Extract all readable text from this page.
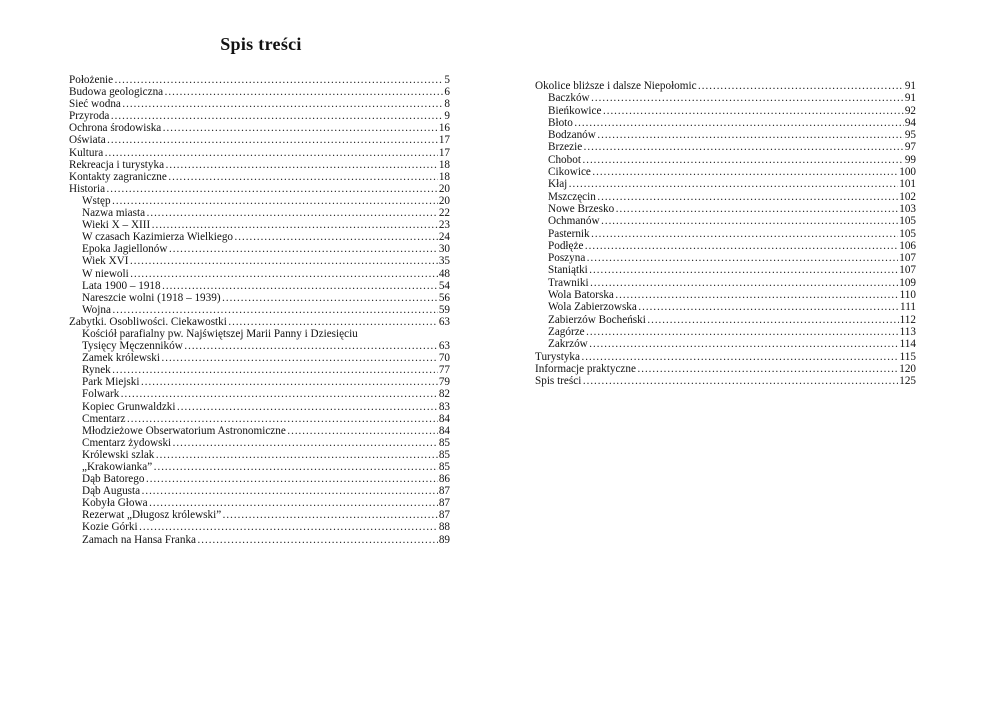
Spis treści
Położenie …………………………………………………………………………………………………………………………………………………………………………………………	5
Budowa geologiczna …………………………………………………………………………………………………………………………………………………………………………………………	6
Sieć wodna …………………………………………………………………………………………………………………………………………………………………………………………	8
Przyroda …………………………………………………………………………………………………………………………………………………………………………………………	9
Ochrona środowiska …………………………………………………………………………………………………………………………………………………………………………………………	16
Oświata …………………………………………………………………………………………………………………………………………………………………………………………	17
Kultura …………………………………………………………………………………………………………………………………………………………………………………………	17
Rekreacja i turystyka …………………………………………………………………………………………………………………………………………………………………………………………	18
Kontakty zagraniczne …………………………………………………………………………………………………………………………………………………………………………………………	18
Historia …………………………………………………………………………………………………………………………………………………………………………………………	20
Wstęp …………………………………………………………………………………………………………………………………………………………………………………………	20
Nazwa miasta …………………………………………………………………………………………………………………………………………………………………………………………	22
Wieki X – XIII …………………………………………………………………………………………………………………………………………………………………………………………	23
W czasach Kazimierza Wielkiego …………………………………………………………………………………………………………………………………………………………………………………………	24
Epoka Jagiellonów …………………………………………………………………………………………………………………………………………………………………………………………	30
Wiek XVI …………………………………………………………………………………………………………………………………………………………………………………………	35
W niewoli …………………………………………………………………………………………………………………………………………………………………………………………	48
Lata 1900 – 1918 …………………………………………………………………………………………………………………………………………………………………………………………	54
Nareszcie wolni (1918 – 1939) …………………………………………………………………………………………………………………………………………………………………………………………	56
Wojna …………………………………………………………………………………………………………………………………………………………………………………………	59
Zabytki. Osobliwości. Ciekawostki …………………………………………………………………………………………………………………………………………………………………………………………	63
Kościół parafialny pw. Najświętszej Marii Panny i Dziesięciu
Tysięcy Męczenników …………………………………………………………………………………………………………………………………………………………………………………………	63
Zamek królewski …………………………………………………………………………………………………………………………………………………………………………………………	70
Rynek …………………………………………………………………………………………………………………………………………………………………………………………	77
Park Miejski …………………………………………………………………………………………………………………………………………………………………………………………	79
Folwark …………………………………………………………………………………………………………………………………………………………………………………………	82
Kopiec Grunwaldzki …………………………………………………………………………………………………………………………………………………………………………………………	83
Cmentarz …………………………………………………………………………………………………………………………………………………………………………………………	84
Młodzieżowe Obserwatorium Astronomiczne …………………………………………………………………………………………………………………………………………………………………………………………	84
Cmentarz żydowski …………………………………………………………………………………………………………………………………………………………………………………………	85
Królewski szlak …………………………………………………………………………………………………………………………………………………………………………………………	85
„Krakowianka” …………………………………………………………………………………………………………………………………………………………………………………………	85
Dąb Batorego …………………………………………………………………………………………………………………………………………………………………………………………	86
Dąb Augusta …………………………………………………………………………………………………………………………………………………………………………………………	87
Kobyła Głowa …………………………………………………………………………………………………………………………………………………………………………………………	87
Rezerwat „Długosz królewski” …………………………………………………………………………………………………………………………………………………………………………………………	87
Kozie Górki …………………………………………………………………………………………………………………………………………………………………………………………	88
Zamach na Hansa Franka …………………………………………………………………………………………………………………………………………………………………………………………	89
Okolice bliższe i dalsze Niepołomic …………………………………………………………………………………………………………………………………………………………………………………………	91
Baczków …………………………………………………………………………………………………………………………………………………………………………………………	91
Bieńkowice …………………………………………………………………………………………………………………………………………………………………………………………	92
Błoto …………………………………………………………………………………………………………………………………………………………………………………………	94
Bodzanów …………………………………………………………………………………………………………………………………………………………………………………………	95
Brzezie …………………………………………………………………………………………………………………………………………………………………………………………	97
Chobot …………………………………………………………………………………………………………………………………………………………………………………………	99
Cikowice …………………………………………………………………………………………………………………………………………………………………………………………	100
Kłaj …………………………………………………………………………………………………………………………………………………………………………………………	101
Mszczęcin …………………………………………………………………………………………………………………………………………………………………………………………	102
Nowe Brzesko …………………………………………………………………………………………………………………………………………………………………………………………	103
Ochmanów …………………………………………………………………………………………………………………………………………………………………………………………	105
Pasternik …………………………………………………………………………………………………………………………………………………………………………………………	105
Podłęże …………………………………………………………………………………………………………………………………………………………………………………………	106
Poszyna …………………………………………………………………………………………………………………………………………………………………………………………	107
Staniątki …………………………………………………………………………………………………………………………………………………………………………………………	107
Trawniki …………………………………………………………………………………………………………………………………………………………………………………………	109
Wola Batorska …………………………………………………………………………………………………………………………………………………………………………………………	110
Wola Zabierzowska …………………………………………………………………………………………………………………………………………………………………………………………	111
Zabierzów Bocheński …………………………………………………………………………………………………………………………………………………………………………………………	112
Zagórze …………………………………………………………………………………………………………………………………………………………………………………………	113
Zakrzów …………………………………………………………………………………………………………………………………………………………………………………………	114
Turystyka …………………………………………………………………………………………………………………………………………………………………………………………	115
Informacje praktyczne …………………………………………………………………………………………………………………………………………………………………………………………	120
Spis treści …………………………………………………………………………………………………………………………………………………………………………………………	125
